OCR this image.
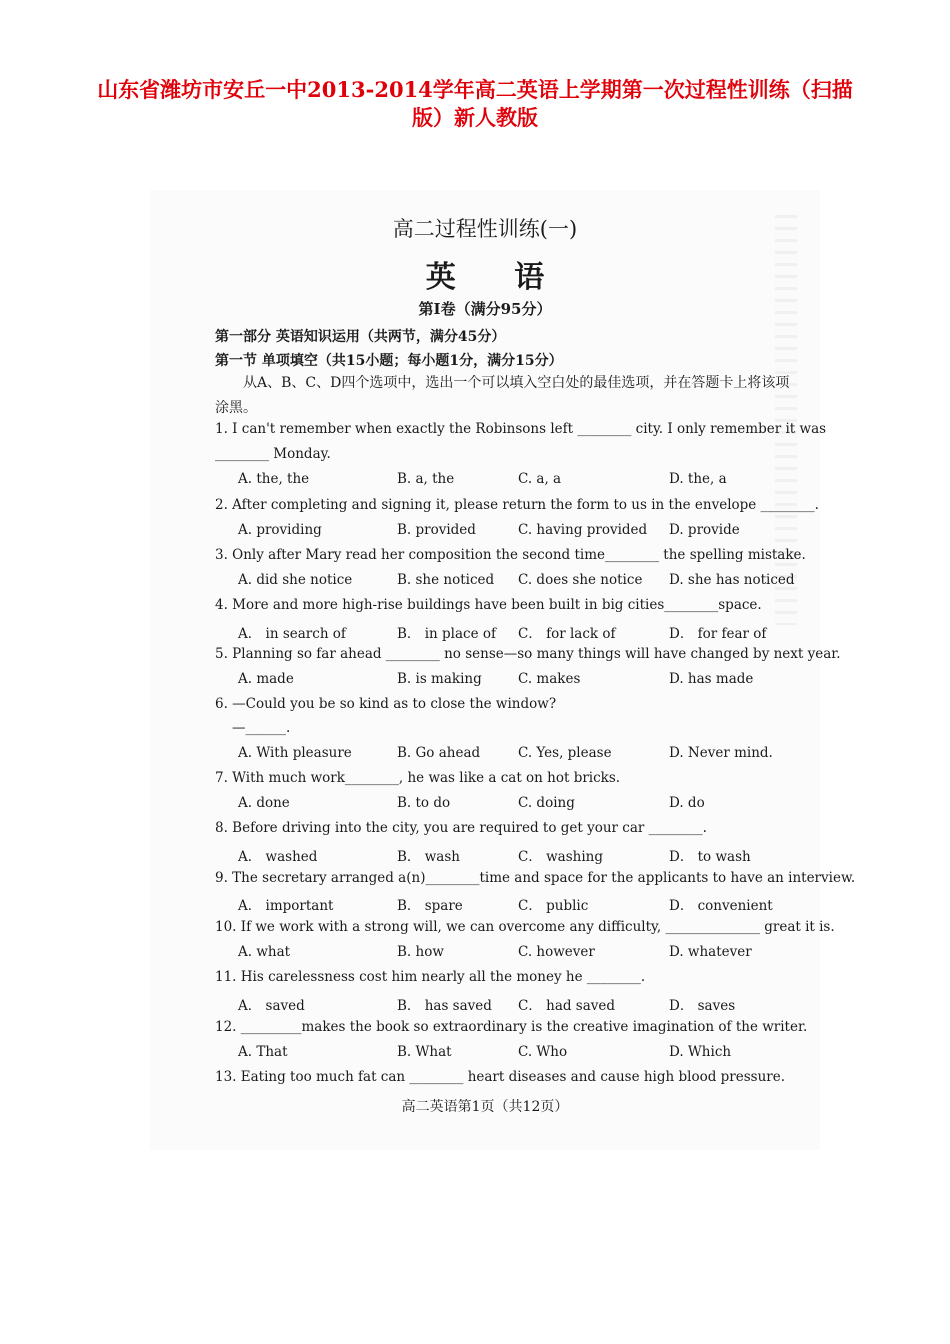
山东省潍坊市安丘一中2013-2014学年高二英语上学期第一次过程性训练（扫描版）新人教版
高二过程性训练(一)
英 语
第Ⅰ卷（满分95分）
第一部分 英语知识运用（共两节，满分45分）
第一节 单项填空（共15小题；每小题1分，满分15分）
从A、B、C、D四个选项中，选出一个可以填入空白处的最佳选项，并在答题卡上将该项涂黑。
1. I can't remember when exactly the Robinsons left ________ city. I only remember it was
________ Monday.
A. the, the	B. a, the	C. a, a	D. the, a
2. After completing and signing it, please return the form to us in the envelope ________.
A. providing	B. provided	C. having provided D. provide
3. Only after Mary read her composition the second time________ the spelling mistake.
A. did she notice	B. she noticed C. does she notice D. she has noticed
4. More and more high-rise buildings have been built in big cities________space.
A． in search of	B． in place of C． for lack of	D． for fear of
5. Planning so far ahead ________ no sense—so many things will have changed by next year.
A. made	B. is making	C. makes	D. has made
6. —Could you be so kind as to close the window?
—______.
A. With pleasure	B. Go ahead	C. Yes, please	D. Never mind.
7. With much work________, he was like a cat on hot bricks.
A. done	B. to do	C. doing	D. do
8. Before driving into the city, you are required to get your car ________.
A． washed	B． wash	C． washing	D． to wash
9. The secretary arranged a(n)________time and space for the applicants to have an interview.
A． important	B． spare	C． public	D． convenient
10. If we work with a strong will, we can overcome any difficulty, ______________ great it is.
A. what	B. how	C. however	D. whatever
11. His carelessness cost him nearly all the money he ________.
A． saved	B． has saved C． had saved	D． saves
12. _________makes the book so extraordinary is the creative imagination of the writer.
A. That	B. What	C. Who	D. Which
13. Eating too much fat can ________ heart diseases and cause high blood pressure.
高二英语第1页（共12页）
